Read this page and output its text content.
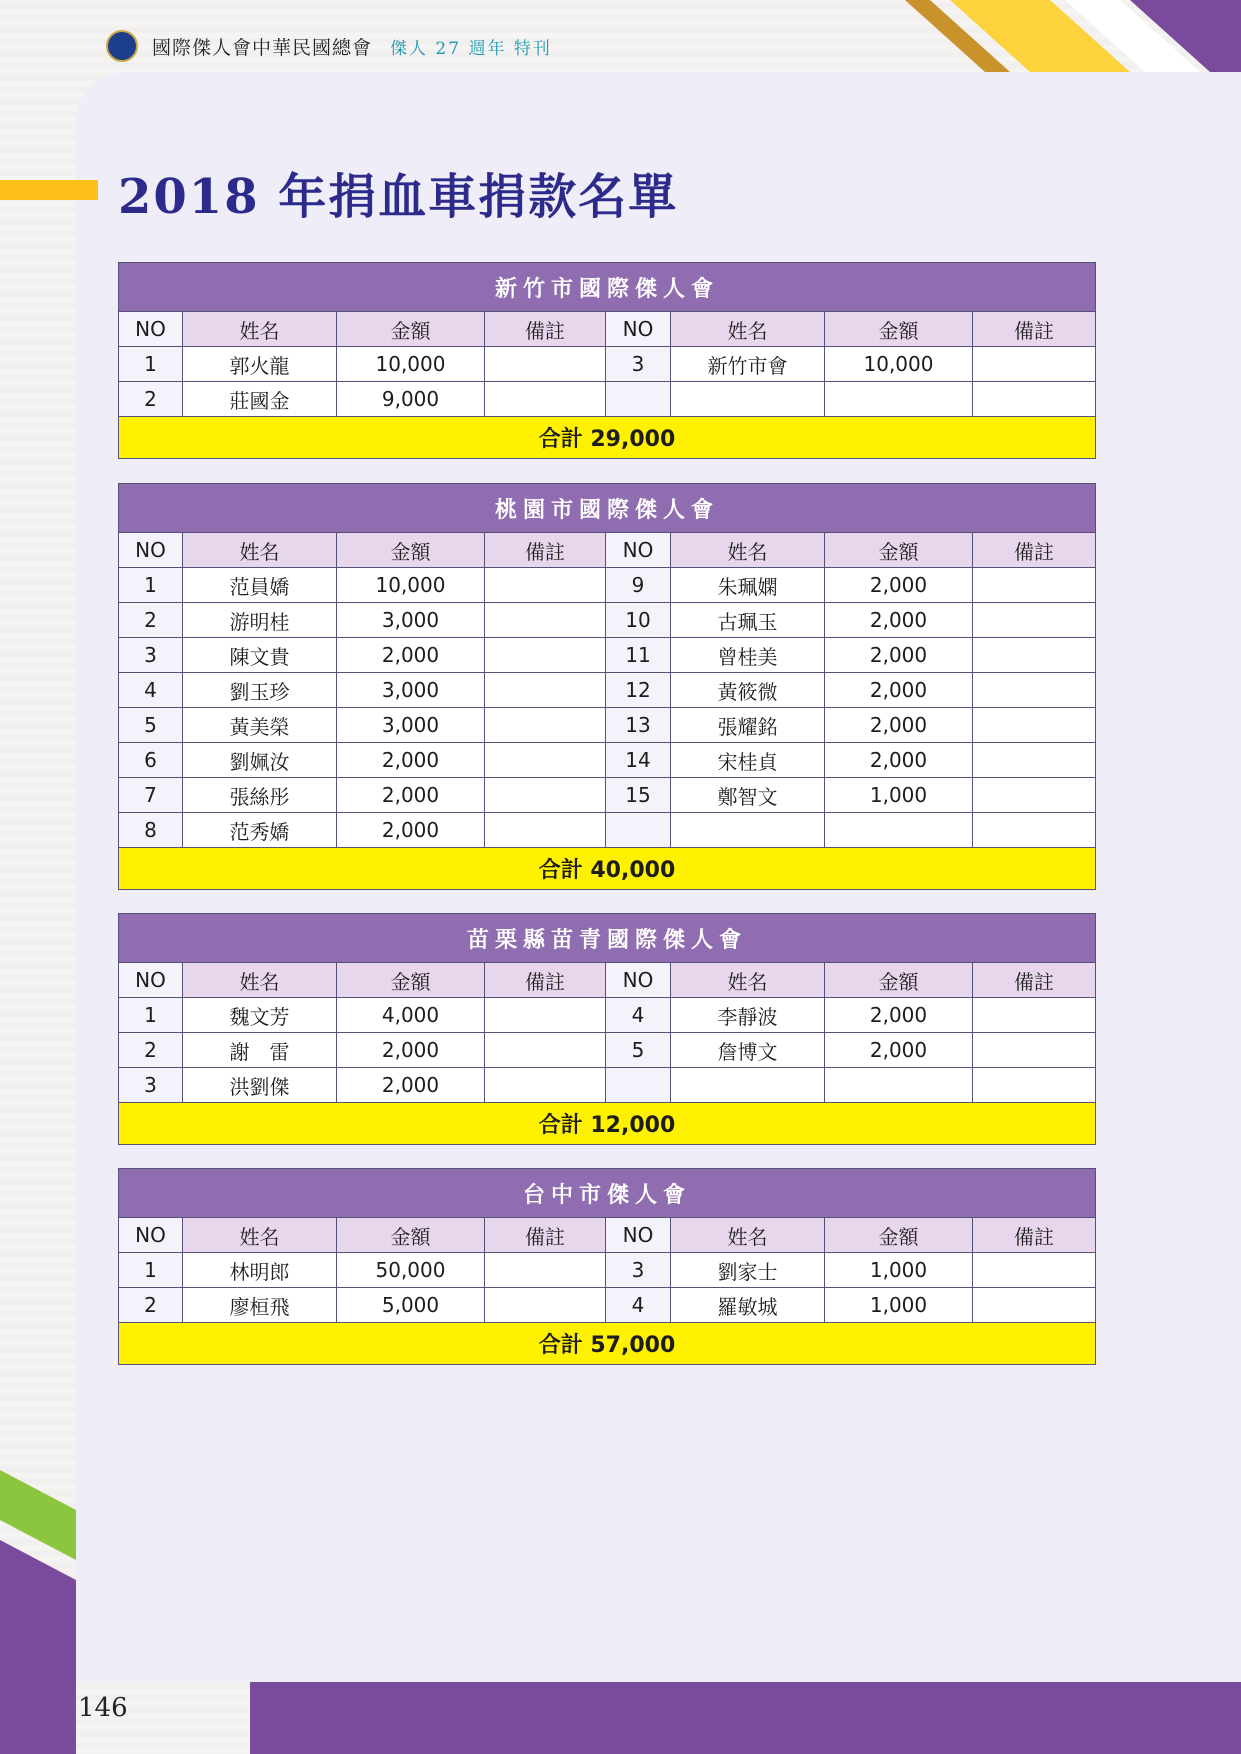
國際傑人會中華民國總會 傑人 27 週年 特刊
2018 年捐血車捐款名單
新竹市國際傑人會							
NO	姓名	金額	備註	NO	姓名	金額	備註
1	郭火龍	10,000		3	新竹市會	10,000	
2	莊國金	9,000					
合計 29,000							
桃園市國際傑人會							
NO	姓名	金額	備註	NO	姓名	金額	備註
1	范員嬌	10,000		9	朱珮嫻	2,000	
2	游明桂	3,000		10	古珮玉	2,000	
3	陳文貴	2,000		11	曾桂美	2,000	
4	劉玉珍	3,000		12	黃筱微	2,000	
5	黃美榮	3,000		13	張耀銘	2,000	
6	劉姵汝	2,000		14	宋桂貞	2,000	
7	張絲彤	2,000		15	鄭智文	1,000	
8	范秀嬌	2,000					
合計 40,000							
苗栗縣苗青國際傑人會							
NO	姓名	金額	備註	NO	姓名	金額	備註
1	魏文芳	4,000		4	李靜波	2,000	
2	謝　雷	2,000		5	詹博文	2,000	
3	洪劉傑	2,000					
合計 12,000							
台中市傑人會							
NO	姓名	金額	備註	NO	姓名	金額	備註
1	林明郎	50,000		3	劉家士	1,000	
2	廖桓飛	5,000		4	羅敏城	1,000	
合計 57,000							
146
